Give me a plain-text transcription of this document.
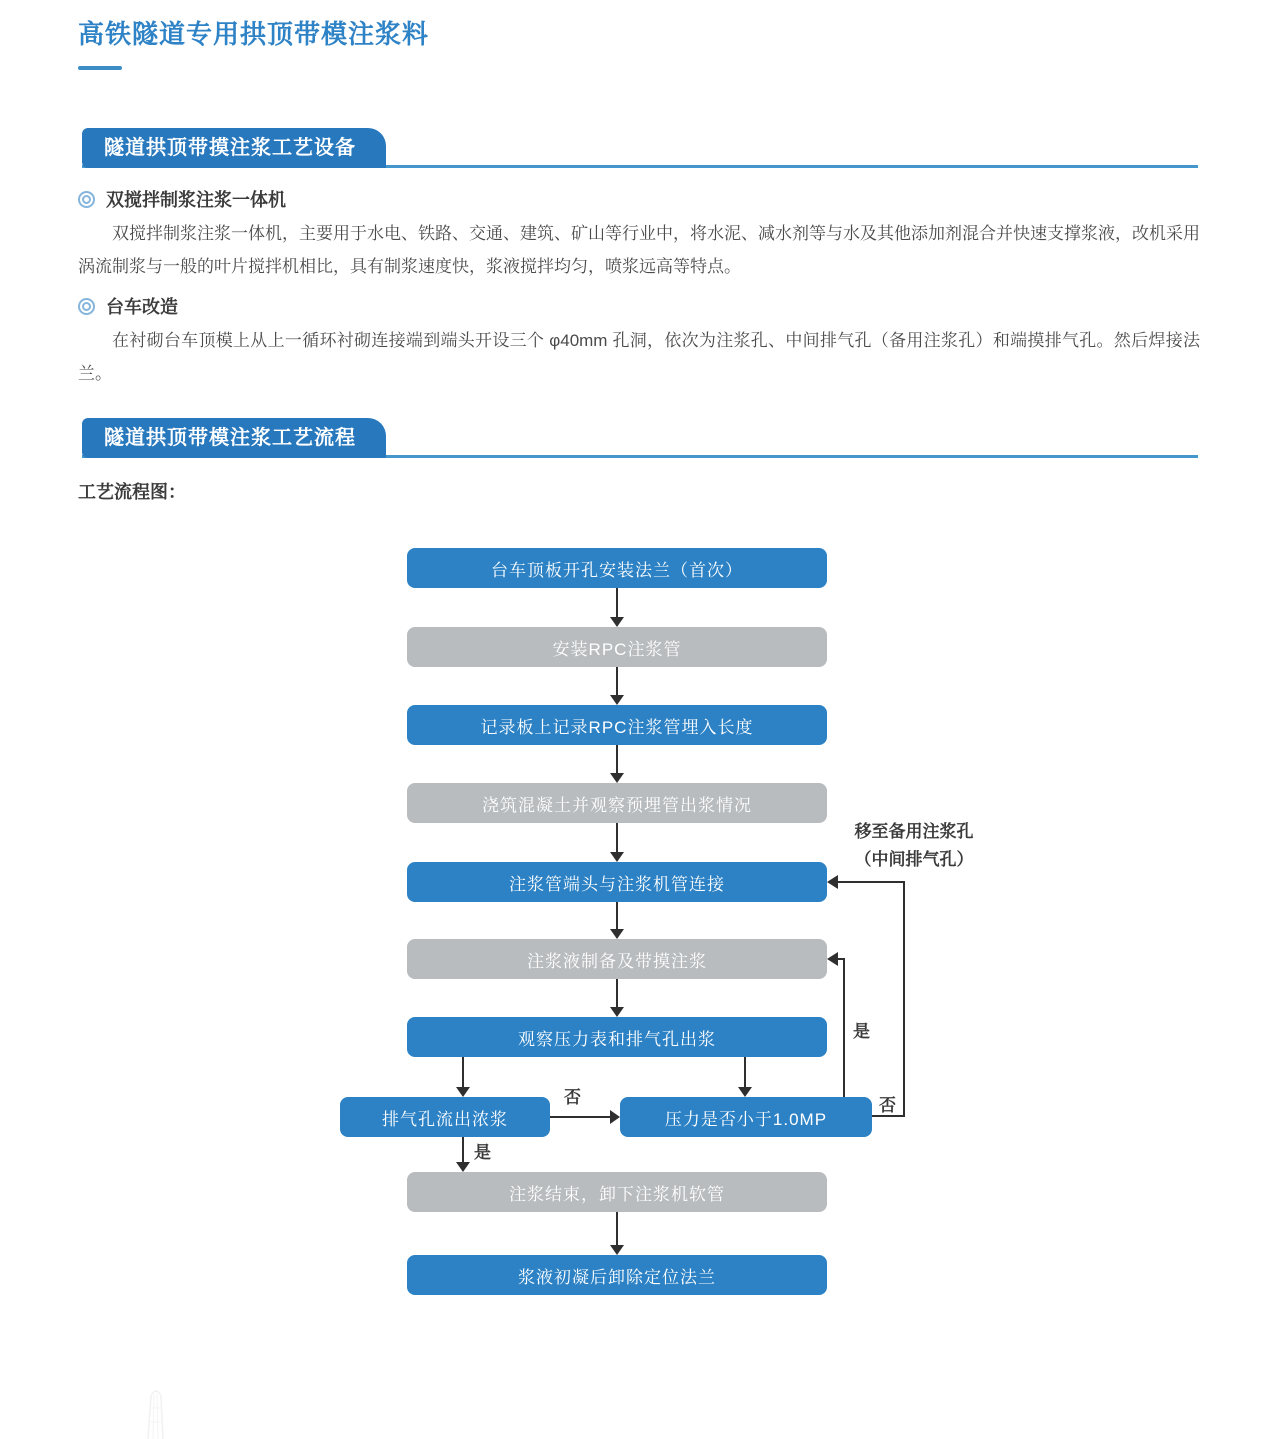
高铁隧道专用拱顶带模注浆料
隧道拱顶带摸注浆工艺设备
双搅拌制浆注浆一体机

双搅拌制浆注浆一体机，主要用于水电、铁路、交通、建筑、矿山等行业中，将水泥、减水剂等与水及其他添加剂混合并快速支撑浆液，改机采用涡流制浆与一般的叶片搅拌机相比，具有制浆速度快，浆液搅拌均匀，喷浆远高等特点。

台车改造

在衬砌台车顶模上从上一循环衬砌连接端到端头开设三个 φ40mm 孔洞，依次为注浆孔、中间排气孔（备用注浆孔）和端摸排气孔。然后焊接法兰。

隧道拱顶带模注浆工艺流程
工艺流程图：
台车顶板开孔安装法兰（首次）
安装RPC注浆管
记录板上记录RPC注浆管埋入长度
浇筑混凝土并观察预埋管出浆情况
注浆管端头与注浆机管连接
注浆液制备及带摸注浆
观察压力表和排气孔出浆
排气孔流出浓浆	压力是否小于1.0MP
注浆结束，卸下注浆机软管
浆液初凝后卸除定位法兰
否
是
是
否
移至备用注浆孔
（中间排气孔）
